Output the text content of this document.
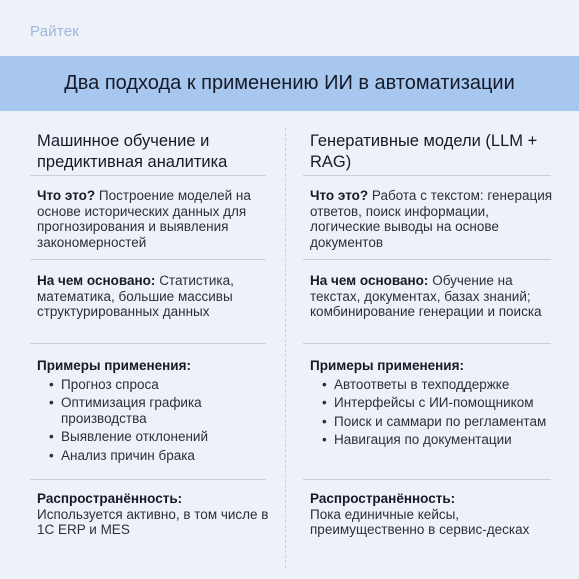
Райтек
Два подхода к применению ИИ в автоматизации
Машинное обучение и предиктивная аналитика
Что это? Построение моделей на основе исторических данных для прогнозирования и выявления закономерностей
На чем основано: Статистика, математика, большие массивы структурированных данных
Примеры применения:
• Прогноз спроса
• Оптимизация графика производства
• Выявление отклонений
• Анализ причин брака
Распространённость:
Используется активно, в том числе в 1С ERP и MES
Генеративные модели (LLM + RAG)
Что это? Работа с текстом: генерация ответов, поиск информации, логические выводы на основе документов
На чем основано: Обучение на текстах, документах, базах знаний; комбинирование генерации и поиска
Примеры применения:
• Автоответы в техподдержке
• Интерфейсы с ИИ-помощником
• Поиск и саммари по регламентам
• Навигация по документации
Распространённость:
Пока единичные кейсы, преимущественно в сервис-десках
